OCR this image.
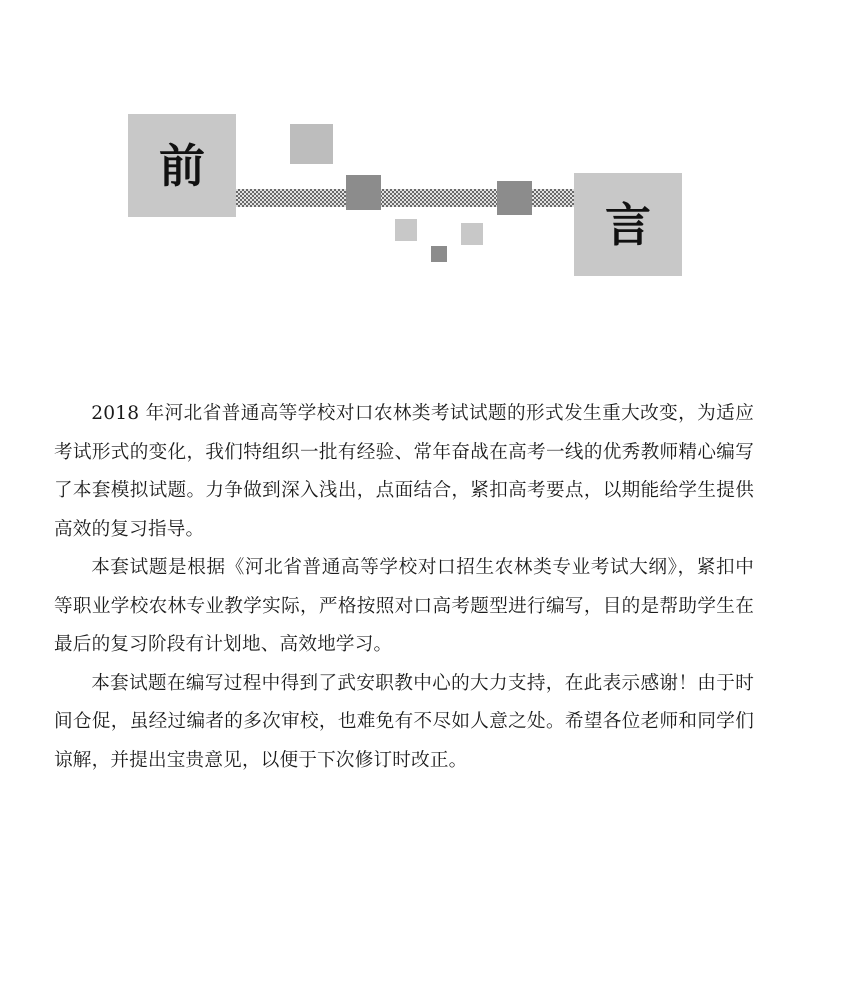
前
言

2018 年河北省普通高等学校对口农林类考试试题的形式发生重大改变，为适应考试形式的变化，我们特组织一批有经验、常年奋战在高考一线的优秀教师精心编写了本套模拟试题。力争做到深入浅出，点面结合，紧扣高考要点，以期能给学生提供高效的复习指导。

本套试题是根据《河北省普通高等学校对口招生农林类专业考试大纲》，紧扣中等职业学校农林专业教学实际，严格按照对口高考题型进行编写，目的是帮助学生在最后的复习阶段有计划地、高效地学习。

本套试题在编写过程中得到了武安职教中心的大力支持，在此表示感谢！由于时间仓促，虽经过编者的多次审校，也难免有不尽如人意之处。希望各位老师和同学们谅解，并提出宝贵意见，以便于下次修订时改正。
